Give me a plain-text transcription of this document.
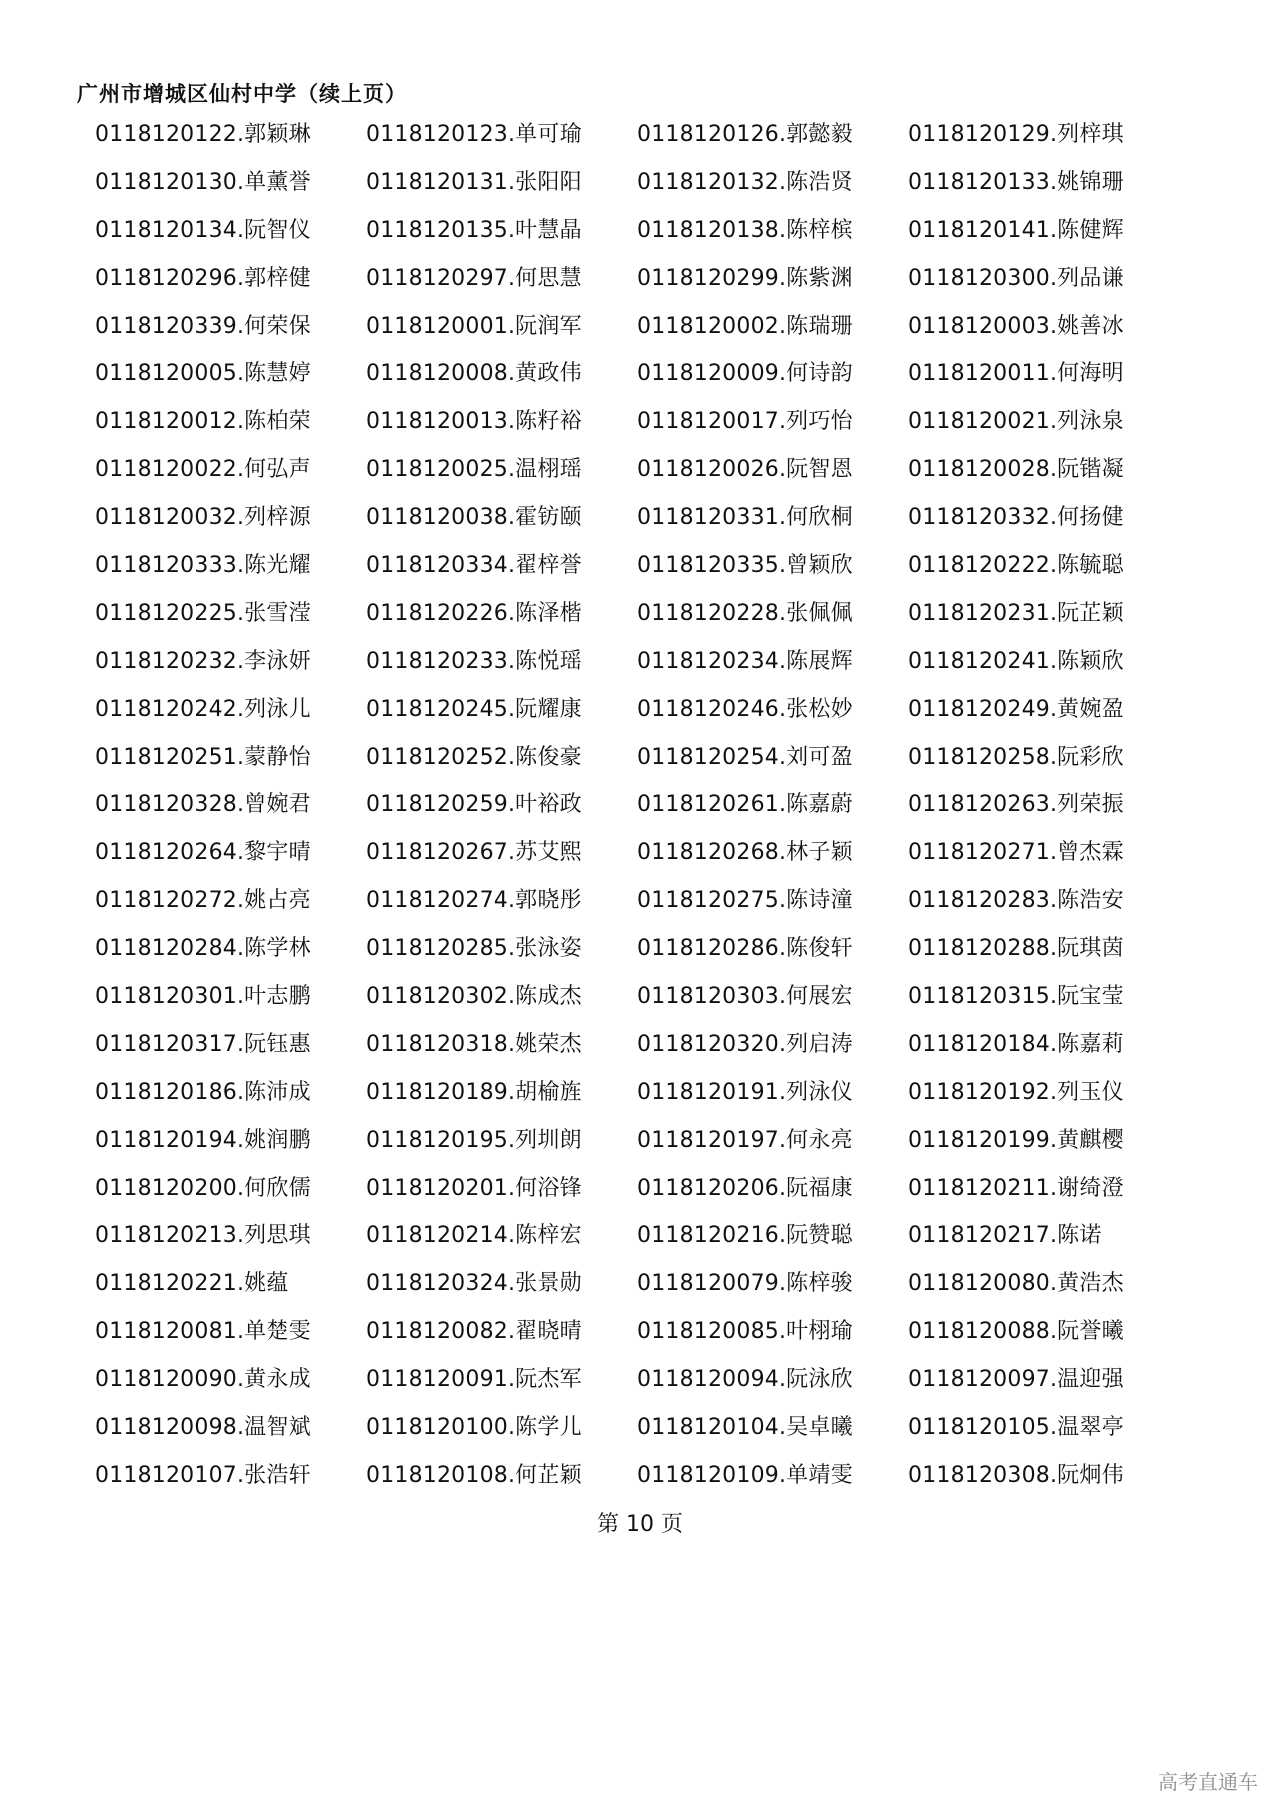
广州市增城区仙村中学（续上页）
0118120122.郭颖琳	0118120123.单可瑜	0118120126.郭懿毅	0118120129.列梓琪
0118120130.单薰誉	0118120131.张阳阳	0118120132.陈浩贤	0118120133.姚锦珊
0118120134.阮智仪	0118120135.叶慧晶	0118120138.陈梓槟	0118120141.陈健辉
0118120296.郭梓健	0118120297.何思慧	0118120299.陈紫渊	0118120300.列品谦
0118120339.何荣保	0118120001.阮润军	0118120002.陈瑞珊	0118120003.姚善冰
0118120005.陈慧婷	0118120008.黄政伟	0118120009.何诗韵	0118120011.何海明
0118120012.陈柏荣	0118120013.陈籽裕	0118120017.列巧怡	0118120021.列泳泉
0118120022.何弘声	0118120025.温栩瑶	0118120026.阮智恩	0118120028.阮锴凝
0118120032.列梓源	0118120038.霍钫颐	0118120331.何欣桐	0118120332.何扬健
0118120333.陈光耀	0118120334.翟梓誉	0118120335.曾颖欣	0118120222.陈毓聪
0118120225.张雪滢	0118120226.陈泽楷	0118120228.张佩佩	0118120231.阮芷颖
0118120232.李泳妍	0118120233.陈悦瑶	0118120234.陈展辉	0118120241.陈颖欣
0118120242.列泳儿	0118120245.阮耀康	0118120246.张松妙	0118120249.黄婉盈
0118120251.蒙静怡	0118120252.陈俊豪	0118120254.刘可盈	0118120258.阮彩欣
0118120328.曾婉君	0118120259.叶裕政	0118120261.陈嘉蔚	0118120263.列荣振
0118120264.黎宇晴	0118120267.苏艾熙	0118120268.林子颖	0118120271.曾杰霖
0118120272.姚占亮	0118120274.郭晓彤	0118120275.陈诗潼	0118120283.陈浩安
0118120284.陈学林	0118120285.张泳姿	0118120286.陈俊轩	0118120288.阮琪茵
0118120301.叶志鹏	0118120302.陈成杰	0118120303.何展宏	0118120315.阮宝莹
0118120317.阮钰惠	0118120318.姚荣杰	0118120320.列启涛	0118120184.陈嘉莉
0118120186.陈沛成	0118120189.胡榆旌	0118120191.列泳仪	0118120192.列玉仪
0118120194.姚润鹏	0118120195.列圳朗	0118120197.何永亮	0118120199.黄麒樱
0118120200.何欣儒	0118120201.何浴锋	0118120206.阮福康	0118120211.谢绮澄
0118120213.列思琪	0118120214.陈梓宏	0118120216.阮赞聪	0118120217.陈诺
0118120221.姚蕴	0118120324.张景勋	0118120079.陈梓骏	0118120080.黄浩杰
0118120081.单楚雯	0118120082.翟晓晴	0118120085.叶栩瑜	0118120088.阮誉曦
0118120090.黄永成	0118120091.阮杰军	0118120094.阮泳欣	0118120097.温迎强
0118120098.温智斌	0118120100.陈学儿	0118120104.吴卓曦	0118120105.温翠亭
0118120107.张浩轩	0118120108.何芷颖	0118120109.单靖雯	0118120308.阮炯伟
第 10 页
高考直通车
